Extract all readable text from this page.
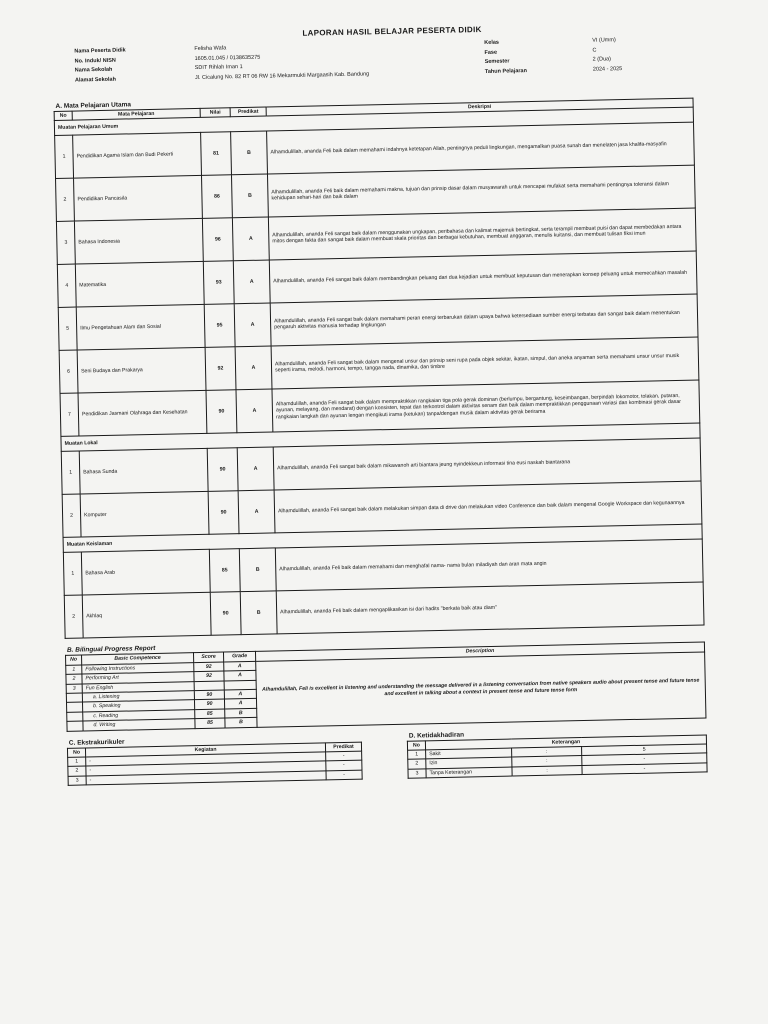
LAPORAN HASIL BELAJAR PESERTA DIDIK
Nama Peserta Didik	Felisha Wafa
No. Induk/ NISN	1605.01.045 / 0138635275
Nama Sekolah	SDIT Rihlah Iman 1
Alamat Sekolah	Jl. Cicalung No. 82 RT 06 RW 16 Mekarmukti Margaasih Kab. Bandung
Kelas	VI (Umm)
Fase	C
Semester	2 (Dua)
Tahun Pelajaran	2024 - 2025
A. Mata Pelajaran Utama
No	Mata Pelajaran	Nilai	Predikat	Deskripsi
Muatan Pelajaran Umum				
1	Pendidikan Agama Islam dan Budi Pekerti	81	B	Alhamdulillah, ananda Feli baik dalam memahami indahnya ketetapan Allah, pentingnya peduli lingkungan, mengamalkan puasa sunah dan menelaten jasa khalifa-masyafin
2	Pendidikan Pancasila	86	B	Alhamdulillah, ananda Feli baik dalam memahami makna, tujuan dan prinsip dasar dalam musyawarah untuk mencapai mufakat serta memahami pentingnya toleransi dalam kehidupan sehari-hari dan baik dalam
3	Bahasa Indonesia	96	A	Alhamdulillah, ananda Feli sangat baik dalam menggunakan ungkapan, peribahasa dan kalimat majemuk bertingkat, serta terampil membuat puisi dan dapat membedakan antara mitos dengan fakta dan sangat baik dalam membuat skala prioritas dan berbagai kebutuhan, membuat anggaran, menulis kuitansi, dan membuat tulisan fiksi imun
4	Matematika	93	A	Alhamdulillah, ananda Feli sangat baik dalam membandingkan peluang dari dua kejadian untuk membuat keputusan dan menerapkan konsep peluang untuk memecahkan masalah
5	Ilmu Pengetahuan Alam dan Sosial	95	A	Alhamdulillah, ananda Feli sangat baik dalam memahami peran energi terbarukan dalam upaya bahwa ketersediaan sumber energi terbatas dan sangat baik dalam menentukan pengaruh aktivitas manusia terhadap lingkungan
6	Seni Budaya dan Prakarya	92	A	Alhamdulillah, ananda Feli sangat baik dalam mengenal unsur dan prinsip seni rupa pada objek sekitar, ikatan, simpul, dan aneka anyaman serta memahami unsur unsur musik seperti irama, melodi, harmoni, tempo, tangga nada, dinamika, dan timbre
7	Pendidikan Jasmani Olahraga dan Kesehatan	90	A	Alhamdulillah, ananda Feli sangat baik dalam mempraktikkan rangkaian tiga pola gerak dominan (berlumpu, bergantung, keseimbangan, berpindah lokomotor, tolakan, putaran, ayunan, melayang, dan mendarat) dengan konsisten, tepat dan terkontrol dalam aktivitas senam dan baik dalam mempraktikkan penggunaan variasi dan kombinasi gerak dasar rangkaian langkah dan ayunan lengan mengikuti irama (ketukan) tanpa/dengan musik dalam aktivitas gerak berirama
Muatan Lokal				
1	Bahasa Sunda	90	A	Alhamdulillah, ananda Feli sangat baik dalam mikawanoh arti biantara jeung nyindekkeun informasi tina eusi naskah biantarana
2	Komputer	90	A	Alhamdulillah, ananda Feli sangat baik dalam melakukan simpan data di drive dan melakukan video Conference dan baik dalam mengenal Google Workspace dan kegunaannya
Muatan Keislaman				
1	Bahasa Arab	85	B	Alhamdulillah, ananda Feli baik dalam memahami dan menghafal nama- nama bulan miladiyah dan aran mata angin
2	Akhlaq	90	B	Alhamdulillah, ananda Feli baik dalam mengaplikasikan isi dari hadits "berkata baik atau diam"
B. Bilingual Progress Report
No	Basic Competence	Score	Grade	Description
1	Following Instructions	92	A	Alhamdulillah, Feli is excellent in listening and understanding the message delivered in a listening conversation from native speakers audio about present tense and future tense and excellent in talking about a context in present tense and future tense form
2	Performing Art	92	A	
3	Fun English			
	a. Listening	90	A	
	b. Speaking	90	A	
	c. Reading	85	B	
	d. Writing	85	B	
C. Ekstrakurikuler
No	Kegiatan	Predikat
1	-	-
2	-	-
3	-	-
D. Ketidakhadiran
No	Keterangan		
1	Sakit	:	5
2	Izin	:	-
3	Tanpa Keterangan	:	-
